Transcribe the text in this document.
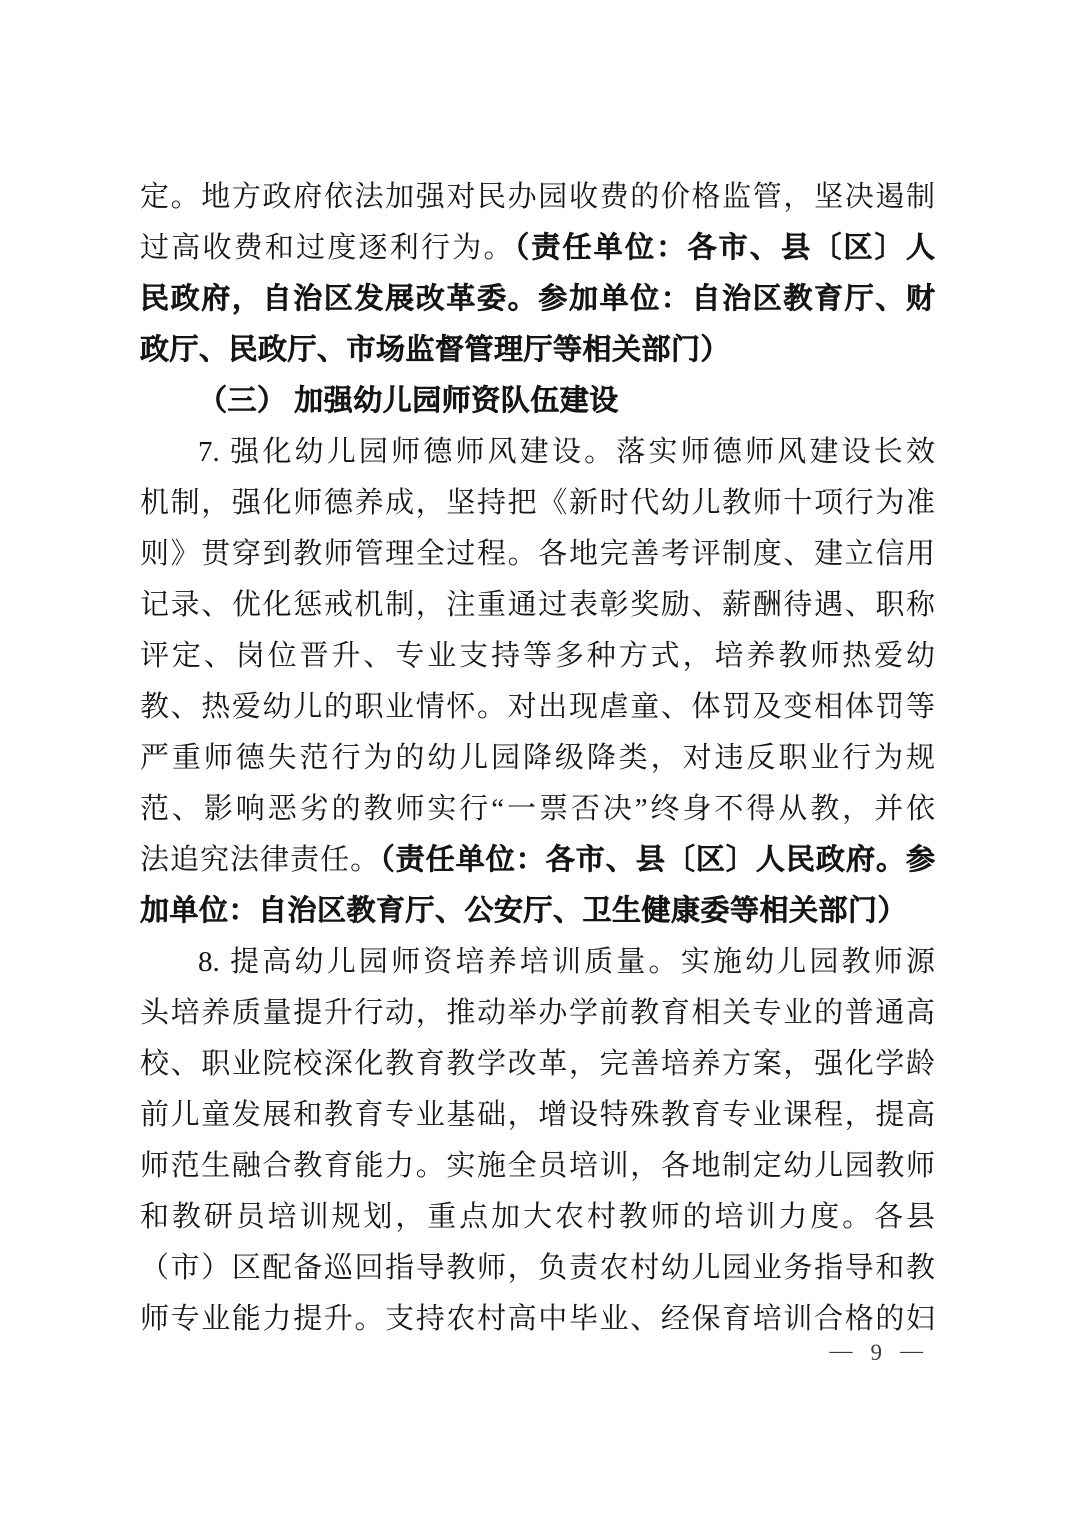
定。地方政府依法加强对民办园收费的价格监管，坚决遏制
过高收费和过度逐利行为。（责任单位：各市、县〔区〕人
民政府，自治区发展改革委。参加单位：自治区教育厅、财
政厅、民政厅、市场监督管理厅等相关部门）
（三） 加强幼儿园师资队伍建设
7. 强化幼儿园师德师风建设。落实师德师风建设长效
机制，强化师德养成，坚持把《新时代幼儿教师十项行为准
则》贯穿到教师管理全过程。各地完善考评制度、建立信用
记录、优化惩戒机制，注重通过表彰奖励、薪酬待遇、职称
评定、岗位晋升、专业支持等多种方式，培养教师热爱幼
教、热爱幼儿的职业情怀。对出现虐童、体罚及变相体罚等
严重师德失范行为的幼儿园降级降类，对违反职业行为规
范、影响恶劣的教师实行“一票否决”终身不得从教，并依
法追究法律责任。（责任单位：各市、县〔区〕人民政府。参
加单位：自治区教育厅、公安厅、卫生健康委等相关部门）
8. 提高幼儿园师资培养培训质量。实施幼儿园教师源
头培养质量提升行动，推动举办学前教育相关专业的普通高
校、职业院校深化教育教学改革，完善培养方案，强化学龄
前儿童发展和教育专业基础，增设特殊教育专业课程，提高
师范生融合教育能力。实施全员培训，各地制定幼儿园教师
和教研员培训规划，重点加大农村教师的培训力度。各县
（市）区配备巡回指导教师，负责农村幼儿园业务指导和教
师专业能力提升。支持农村高中毕业、经保育培训合格的妇
— 9 —
